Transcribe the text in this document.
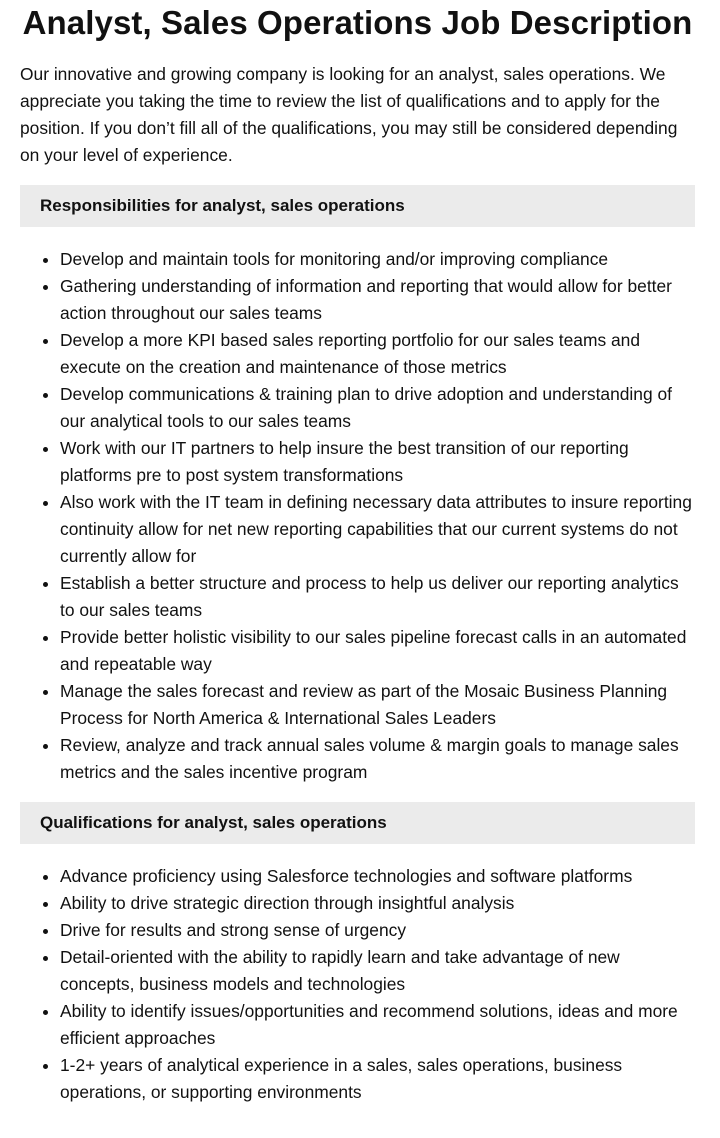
Analyst, Sales Operations Job Description

Our innovative and growing company is looking for an analyst, sales operations. We appreciate you taking the time to review the list of qualifications and to apply for the position. If you don’t fill all of the qualifications, you may still be considered depending on your level of experience.

Responsibilities for analyst, sales operations
• Develop and maintain tools for monitoring and/or improving compliance
• Gathering understanding of information and reporting that would allow for better action throughout our sales teams
• Develop a more KPI based sales reporting portfolio for our sales teams and execute on the creation and maintenance of those metrics
• Develop communications & training plan to drive adoption and understanding of our analytical tools to our sales teams
• Work with our IT partners to help insure the best transition of our reporting platforms pre to post system transformations
• Also work with the IT team in defining necessary data attributes to insure reporting continuity allow for net new reporting capabilities that our current systems do not currently allow for
• Establish a better structure and process to help us deliver our reporting analytics to our sales teams
• Provide better holistic visibility to our sales pipeline forecast calls in an automated and repeatable way
• Manage the sales forecast and review as part of the Mosaic Business Planning Process for North America & International Sales Leaders
• Review, analyze and track annual sales volume & margin goals to manage sales metrics and the sales incentive program
Qualifications for analyst, sales operations
• Advance proficiency using Salesforce technologies and software platforms
• Ability to drive strategic direction through insightful analysis
• Drive for results and strong sense of urgency
• Detail-oriented with the ability to rapidly learn and take advantage of new concepts, business models and technologies
• Ability to identify issues/opportunities and recommend solutions, ideas and more efficient approaches
• 1-2+ years of analytical experience in a sales, sales operations, business operations, or supporting environments
